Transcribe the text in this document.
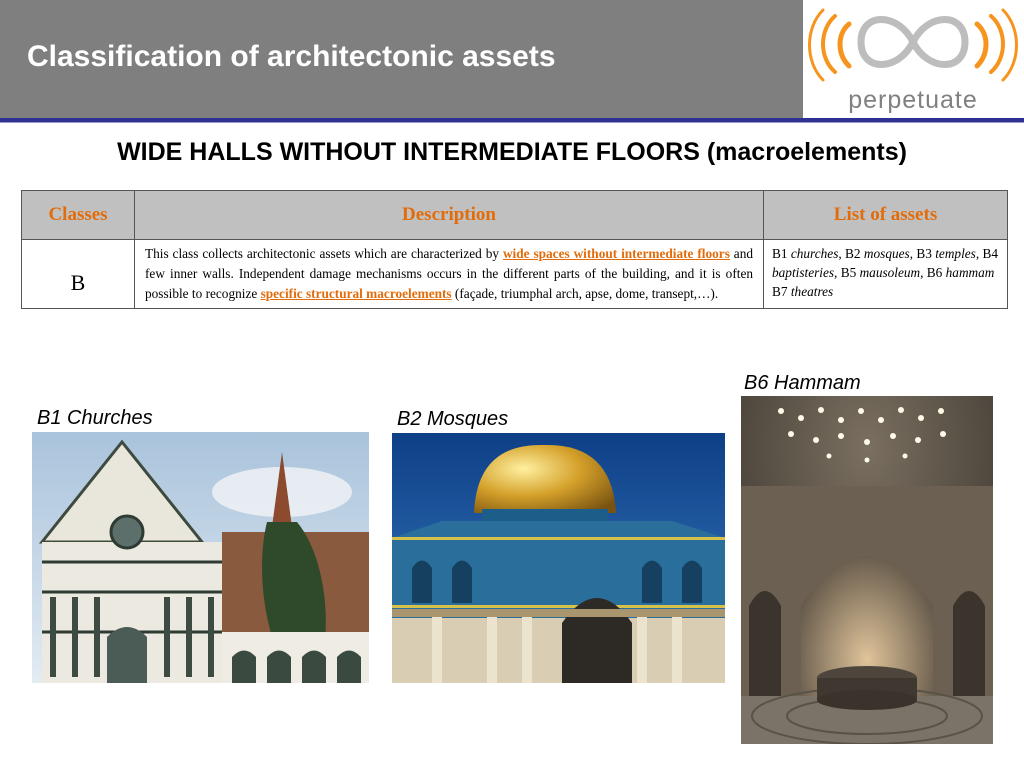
Classification of architectonic assets
perpetuate
WIDE HALLS WITHOUT INTERMEDIATE FLOORS (macroelements)
Classes	Description	List of assets
B	This class collects architectonic assets which are characterized by wide spaces without intermediate floors and few inner walls. Independent damage mechanisms occurs in the different parts of the building, and it is often possible to recognize specific structural macroelements (façade, triumphal arch, apse, dome, transept,…).	B1 churches, B2 mosques, B3 temples, B4 baptisteries, B5 mausoleum, B6 hammam B7 theatres
B1 Churches	B2 Mosques
B6 Hammam
